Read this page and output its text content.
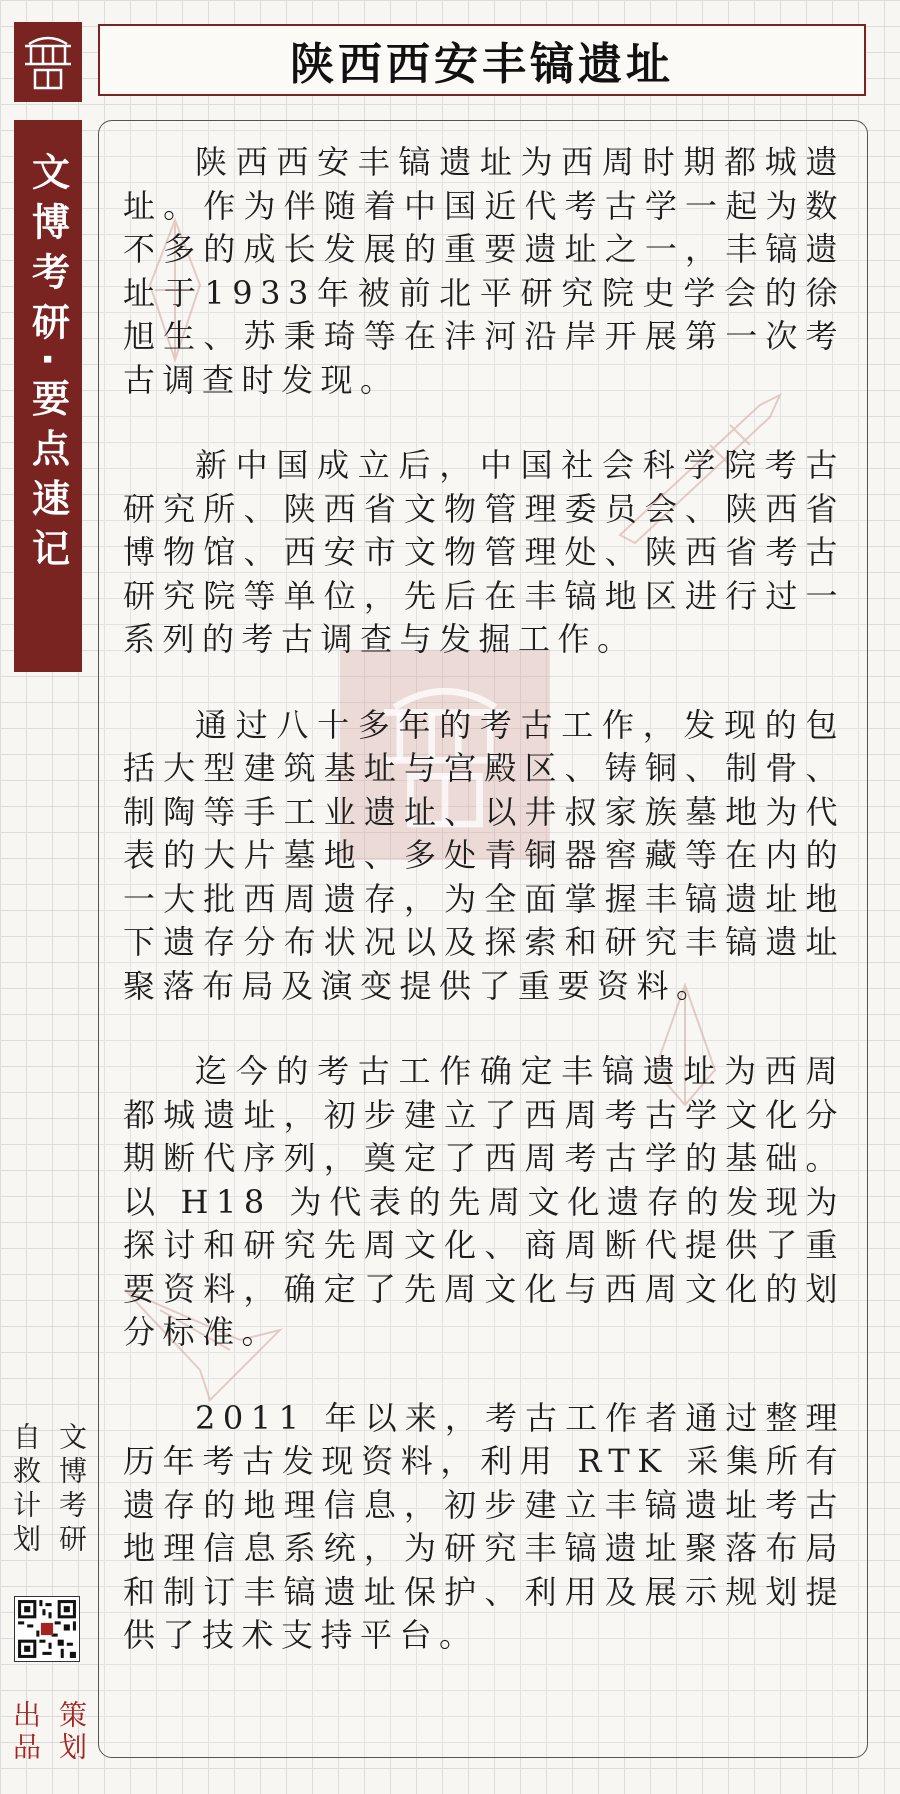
陕西西安丰镐遗址
文博考研·要点速记	陕西西安丰镐遗址为西周时期都城遗址。作为伴随着中国近代考古学一起为数不多的成长发展的重要遗址之一，丰镐遗址于1933年被前北平研究院史学会的徐旭生、苏秉琦等在沣河沿岸开展第一次考古调查时发现。

新中国成立后，中国社会科学院考古研究所、陕西省文物管理委员会、陕西省博物馆、西安市文物管理处、陕西省考古研究院等单位，先后在丰镐地区进行过一系列的考古调查与发掘工作。

通过八十多年的考古工作，发现的包括大型建筑基址与宫殿区、铸铜、制骨、制陶等手工业遗址、以井叔家族墓地为代表的大片墓地、多处青铜器窖藏等在内的一大批西周遗存，为全面掌握丰镐遗址地下遗存分布状况以及探索和研究丰镐遗址聚落布局及演变提供了重要资料。

迄今的考古工作确定丰镐遗址为西周都城遗址，初步建立了西周考古学文化分期断代序列，奠定了西周考古学的基础。以 H18 为代表的先周文化遗存的发现为探讨和研究先周文化、商周断代提供了重要资料，确定了先周文化与西周文化的划分标准。

2011 年以来，考古工作者通过整理历年考古发现资料，利用 RTK 采集所有遗存的地理信息，初步建立丰镐遗址考古地理信息系统，为研究丰镐遗址聚落布局和制订丰镐遗址保护、利用及展示规划提供了技术支持平台。

文博考研
自救计划
策划
出品
